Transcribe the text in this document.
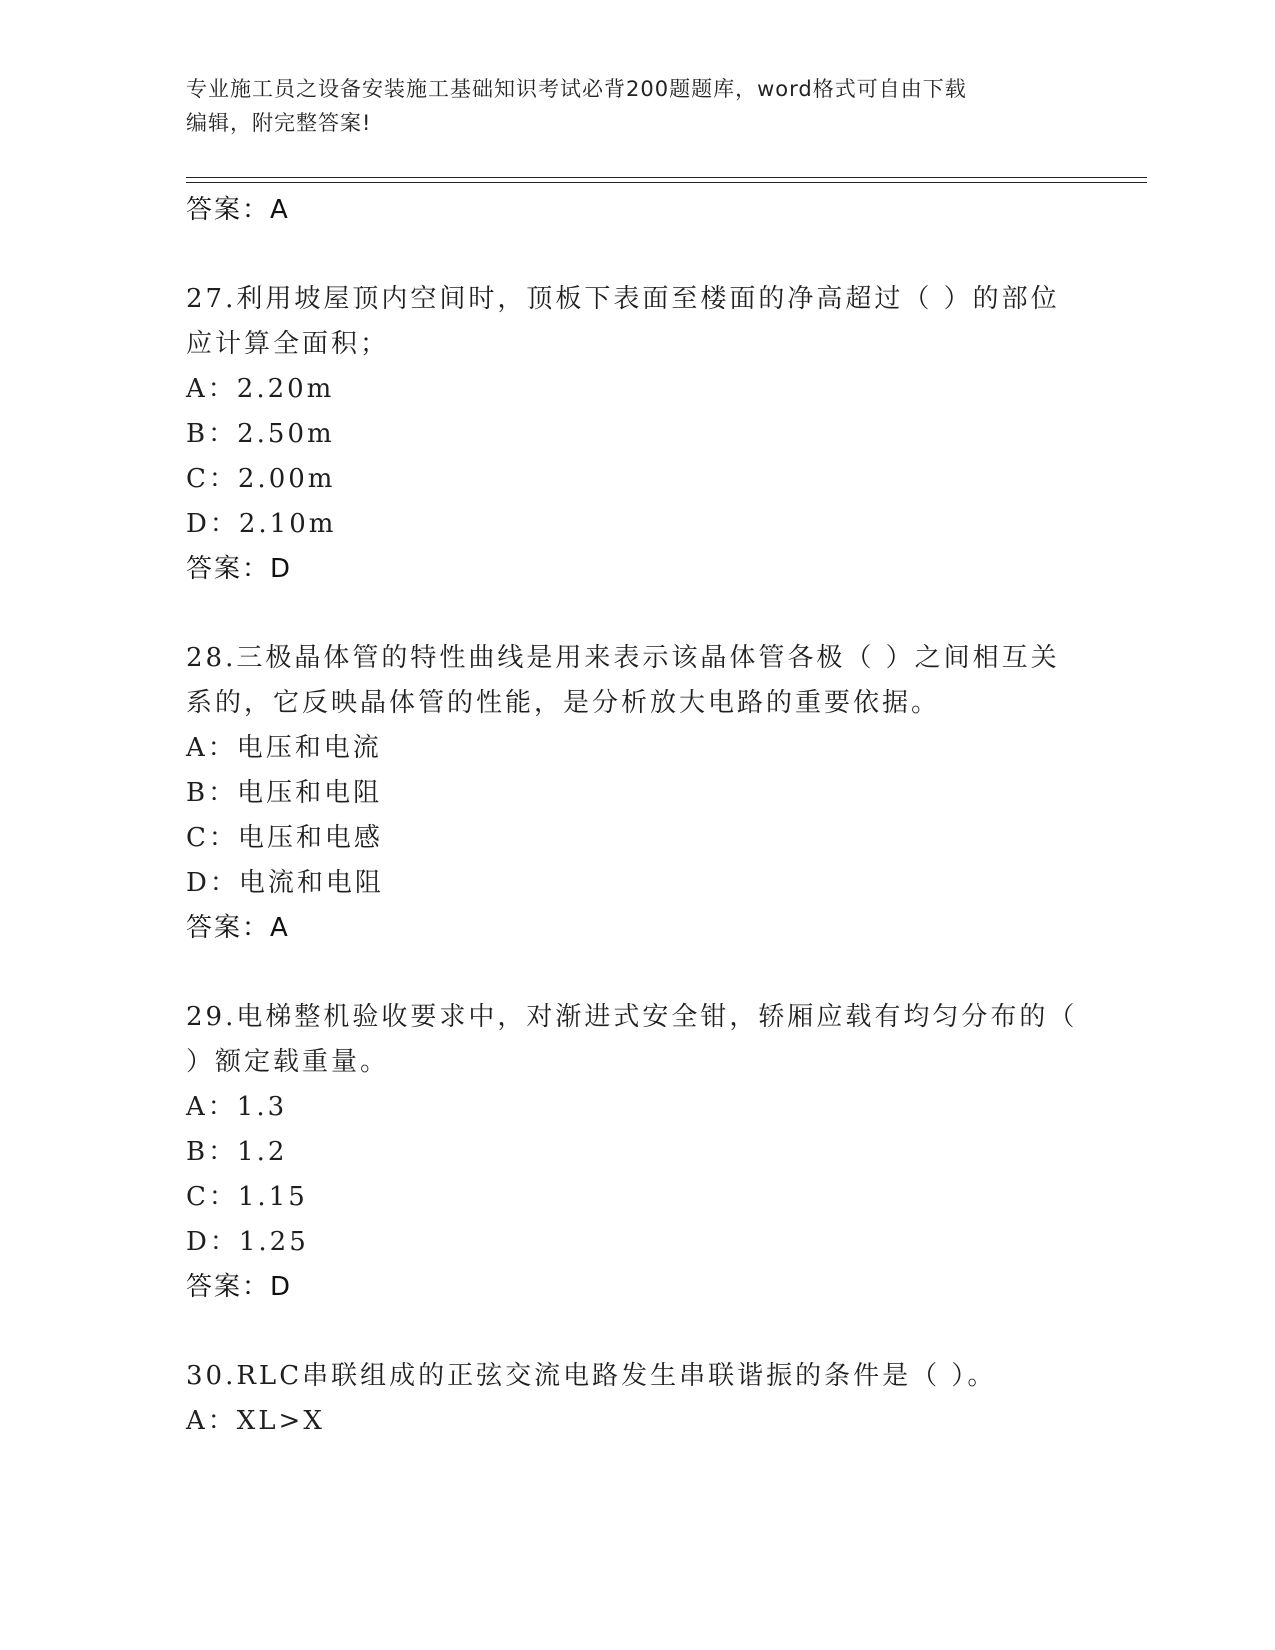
专业施工员之设备安装施工基础知识考试必背200题题库，word格式可自由下载
编辑，附完整答案!
答案：A
27.利用坡屋顶内空间时，顶板下表面至楼面的净高超过（ ）的部位
应计算全面积；
A：2.20m
B：2.50m
C：2.00m
D：2.10m
答案：D
28.三极晶体管的特性曲线是用来表示该晶体管各极（ ）之间相互关
系的，它反映晶体管的性能，是分析放大电路的重要依据。
A：电压和电流
B：电压和电阻
C：电压和电感
D：电流和电阻
答案：A
29.电梯整机验收要求中，对渐进式安全钳，轿厢应载有均匀分布的（
）额定载重量。
A：1.3
B：1.2
C：1.15
D：1.25
答案：D
30.RLC串联组成的正弦交流电路发生串联谐振的条件是（ ）。
A：XL>X
